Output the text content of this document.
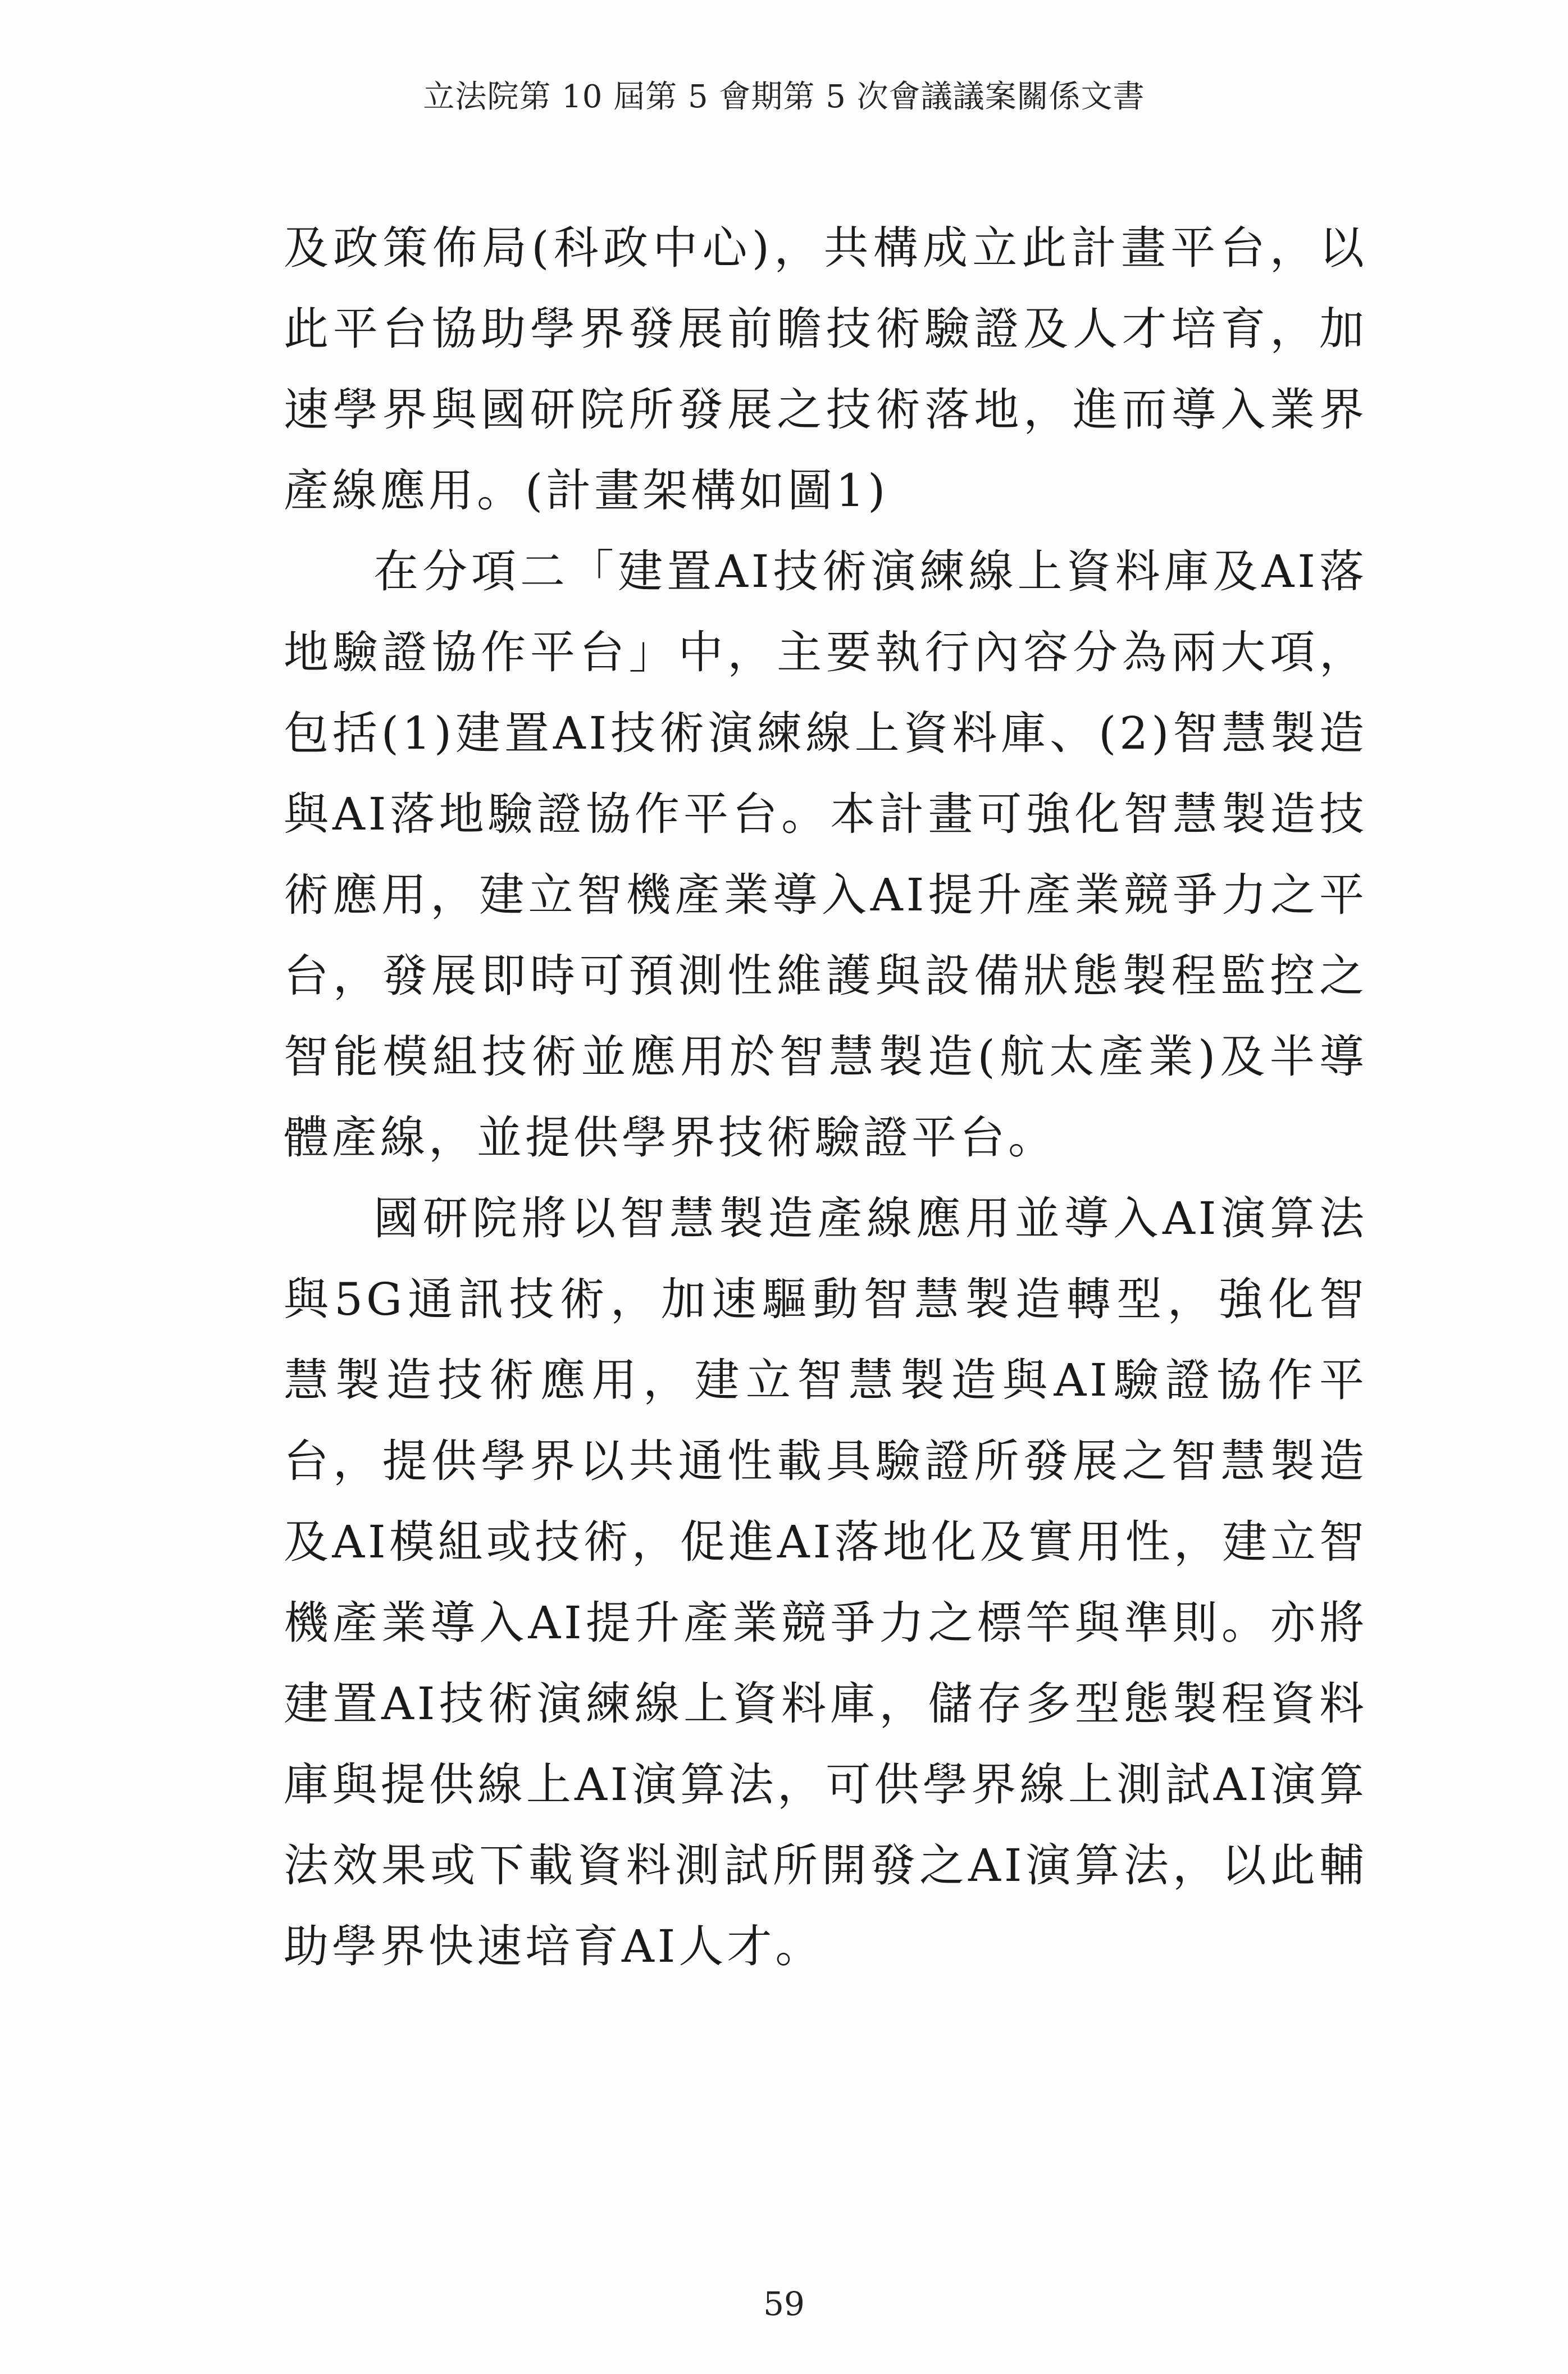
立法院第 10 屆第 5 會期第 5 次會議議案關係文書

及政策佈局(科政中心)，共構成立此計畫平台，以此平台協助學界發展前瞻技術驗證及人才培育，加速學界與國研院所發展之技術落地，進而導入業界產線應用。(計畫架構如圖1)

在分項二「建置AI技術演練線上資料庫及AI落地驗證協作平台」中，主要執行內容分為兩大項，包括(1)建置AI技術演練線上資料庫、(2)智慧製造與AI落地驗證協作平台。本計畫可強化智慧製造技術應用，建立智機產業導入AI提升產業競爭力之平台，發展即時可預測性維護與設備狀態製程監控之智能模組技術並應用於智慧製造(航太產業)及半導體產線，並提供學界技術驗證平台。

國研院將以智慧製造產線應用並導入AI演算法與5G通訊技術，加速驅動智慧製造轉型，強化智慧製造技術應用，建立智慧製造與AI驗證協作平台，提供學界以共通性載具驗證所發展之智慧製造及AI模組或技術，促進AI落地化及實用性，建立智機產業導入AI提升產業競爭力之標竿與準則。亦將建置AI技術演練線上資料庫，儲存多型態製程資料庫與提供線上AI演算法，可供學界線上測試AI演算法效果或下載資料測試所開發之AI演算法，以此輔助學界快速培育AI人才。

59
